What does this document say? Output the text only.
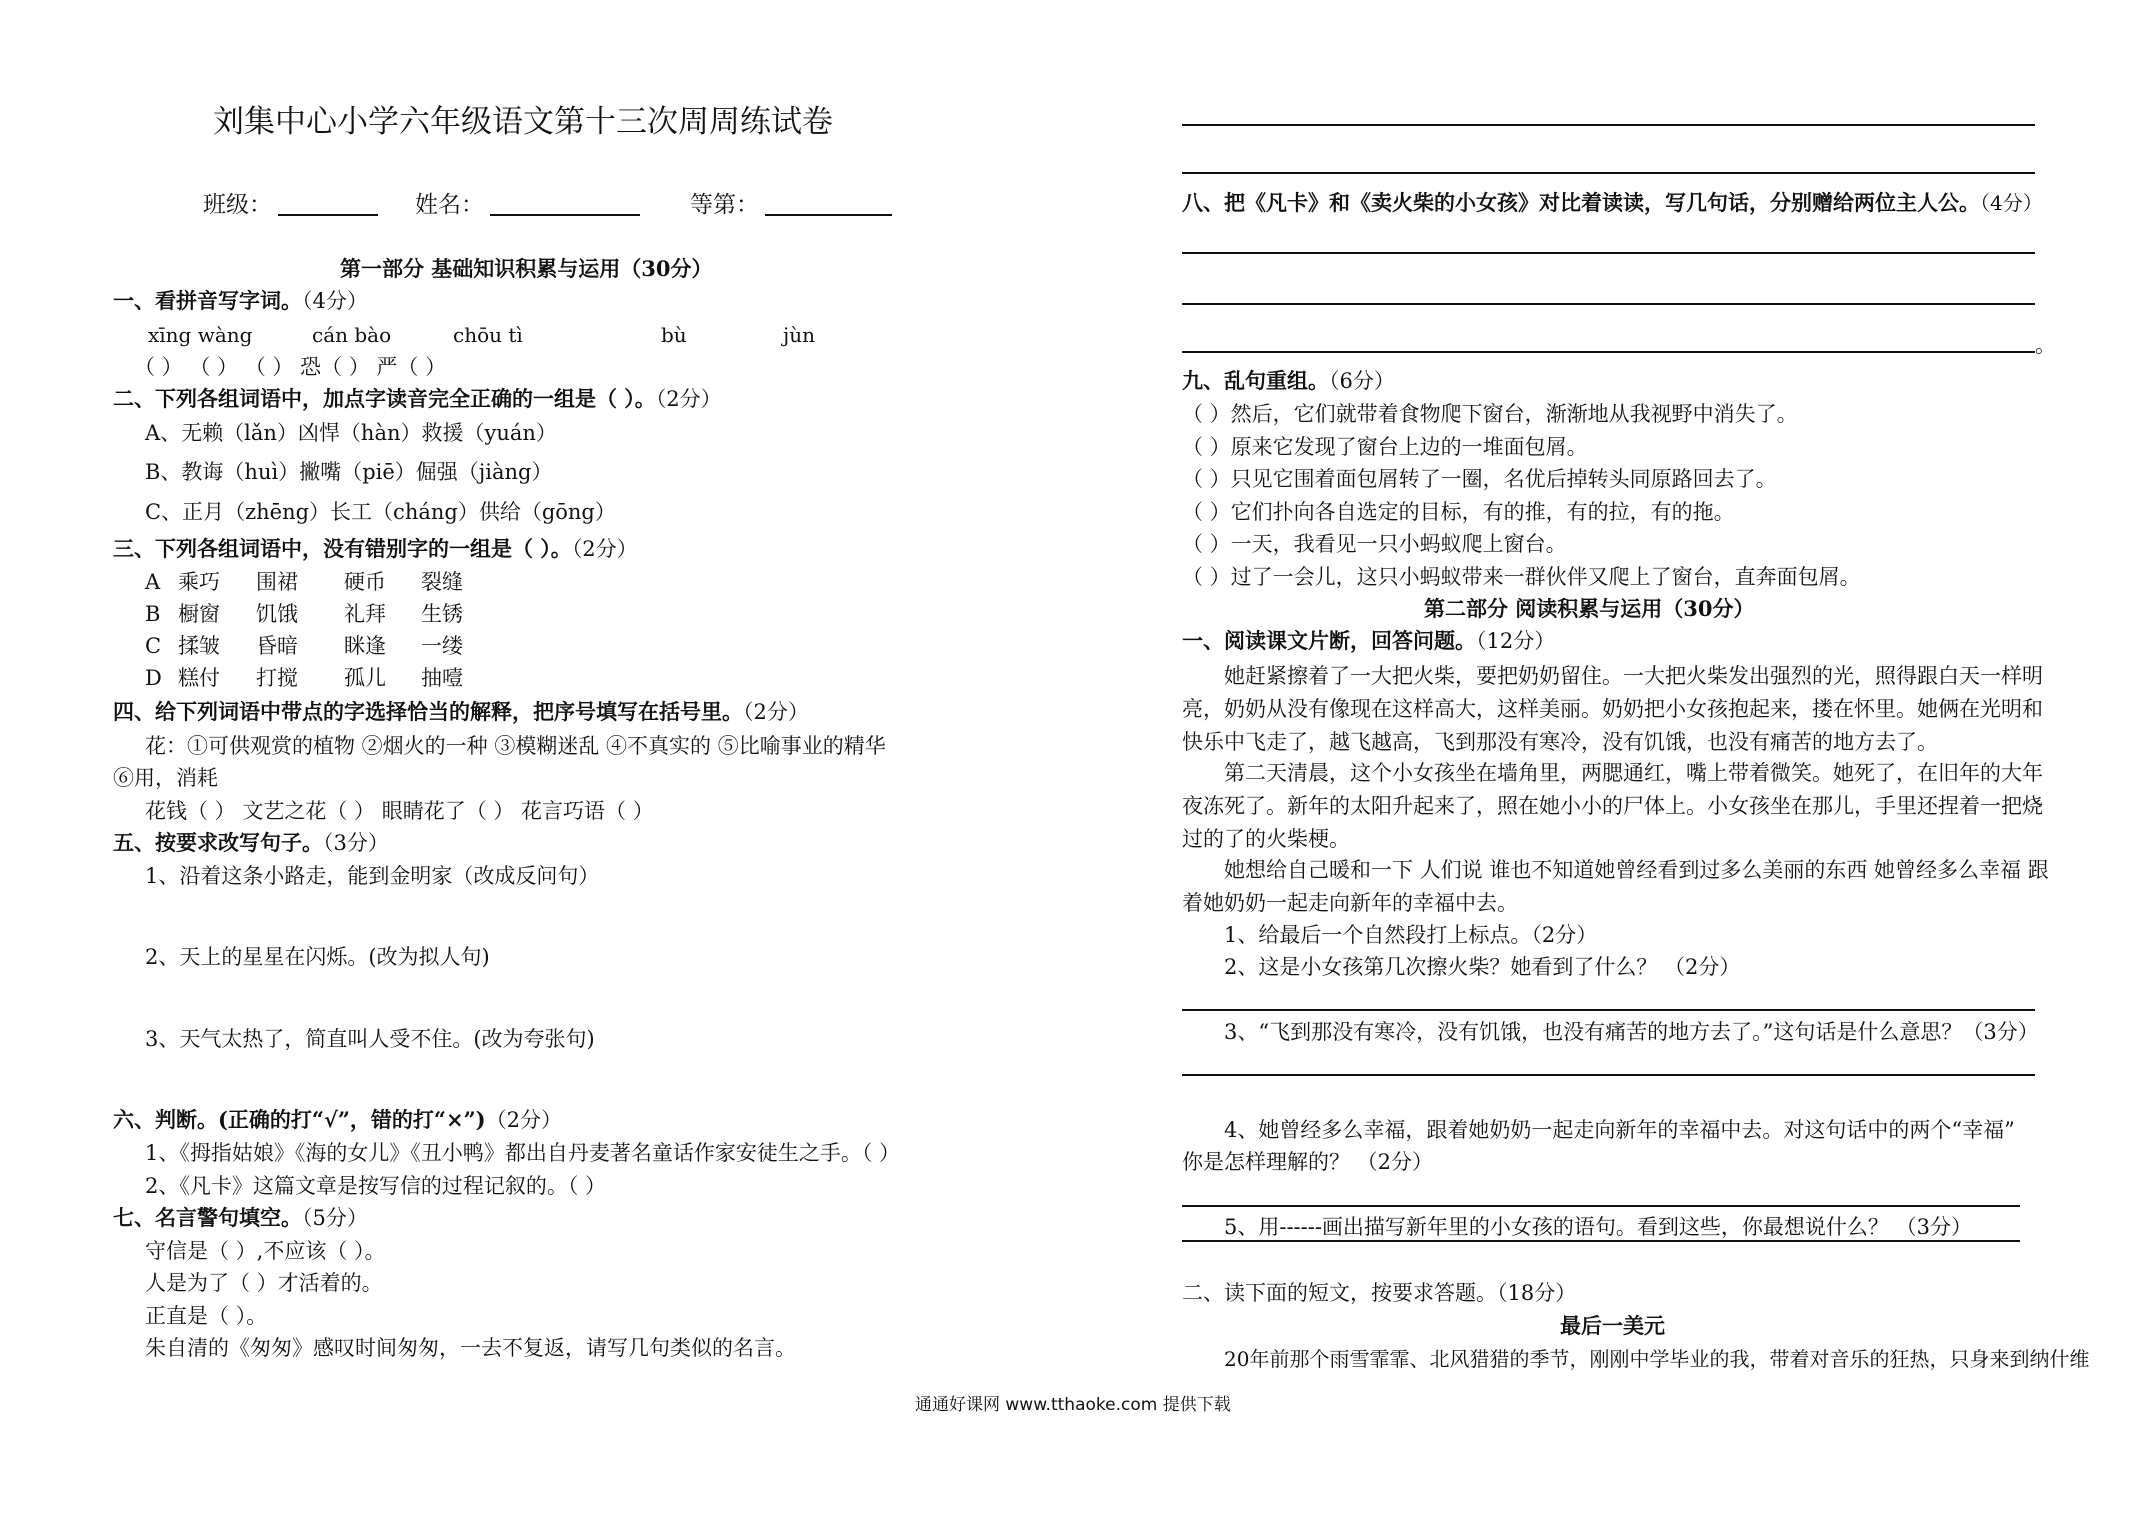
刘集中心小学六年级语文第十三次周周练试卷
班级：	姓名：	等第：
第一部分 基础知识积累与运用（30分）
一、看拼音写字词。（4分）
xīng wàng	cán bào	chōu tì	bù	jùn
（ ） （ ） （ ） 恐（ ） 严（ ）
二、下列各组词语中，加点字读音完全正确的一组是（ ）。（2分）
A、无赖（lǎn）凶悍（hàn）救援（yuán）
B、教诲（huì）撇嘴（piē）倔强（jiàng）
C、正月（zhēng）长工（cháng）供给（gōng）
三、下列各组词语中，没有错别字的一组是（ ）。（2分）
A 乘巧 围裙 硬币 裂缝
B 橱窗 饥饿 礼拜 生锈
C 揉皱 昏暗 眯逢 一缕
D 糕付 打搅 孤儿 抽噎
四、给下列词语中带点的字选择恰当的解释，把序号填写在括号里。（2分）
花：①可供观赏的植物 ②烟火的一种 ③模糊迷乱 ④不真实的 ⑤比喻事业的精华
⑥用，消耗
花钱（ ） 文艺之花（ ） 眼睛花了（ ） 花言巧语（ ）
五、按要求改写句子。（3分）
1、沿着这条小路走，能到金明家（改成反问句）
2、天上的星星在闪烁。(改为拟人句)
3、天气太热了，简直叫人受不住。(改为夸张句)
六、判断。(正确的打“√”，错的打“×”)（2分）
1、《拇指姑娘》《海的女儿》《丑小鸭》都出自丹麦著名童话作家安徒生之手。（ ）
2、《凡卡》这篇文章是按写信的过程记叙的。（ ）
七、名言警句填空。（5分）
守信是（ ）,不应该（ ）。
人是为了（ ）才活着的。
正直是（ ）。
朱自清的《匆匆》感叹时间匆匆，一去不复返，请写几句类似的名言。
八、把《凡卡》和《卖火柴的小女孩》对比着读读，写几句话，分别赠给两位主人公。（4分）
。
九、乱句重组。（6分）
（ ）然后，它们就带着食物爬下窗台，渐渐地从我视野中消失了。
（ ）原来它发现了窗台上边的一堆面包屑。
（ ）只见它围着面包屑转了一圈，名优后掉转头同原路回去了。
（ ）它们扑向各自选定的目标，有的推，有的拉，有的拖。
（ ）一天，我看见一只小蚂蚁爬上窗台。
（ ）过了一会儿，这只小蚂蚁带来一群伙伴又爬上了窗台，直奔面包屑。
第二部分 阅读积累与运用（30分）
一、阅读课文片断，回答问题。（12分）
她赶紧擦着了一大把火柴，要把奶奶留住。一大把火柴发出强烈的光，照得跟白天一样明亮，奶奶从没有像现在这样高大，这样美丽。奶奶把小女孩抱起来，搂在怀里。她俩在光明和快乐中飞走了，越飞越高，飞到那没有寒冷，没有饥饿，也没有痛苦的地方去了。
第二天清晨，这个小女孩坐在墙角里，两腮通红，嘴上带着微笑。她死了，在旧年的大年夜冻死了。新年的太阳升起来了，照在她小小的尸体上。小女孩坐在那儿，手里还捏着一把烧过的了的火柴梗。
她想给自己暖和一下 人们说 谁也不知道她曾经看到过多么美丽的东西 她曾经多么幸福 跟着她奶奶一起走向新年的幸福中去。
1、给最后一个自然段打上标点。（2分）
2、这是小女孩第几次擦火柴？她看到了什么？ （2分）
3、“飞到那没有寒冷，没有饥饿，也没有痛苦的地方去了。”这句话是什么意思？（3分）
4、她曾经多么幸福，跟着她奶奶一起走向新年的幸福中去。对这句话中的两个“幸福”
你是怎样理解的？ （2分）
5、用------画出描写新年里的小女孩的语句。看到这些，你最想说什么？ （3分）
二、读下面的短文，按要求答题。（18分）
最后一美元
20年前那个雨雪霏霏、北风猎猎的季节，刚刚中学毕业的我，带着对音乐的狂热，只身来到纳什维
通通好课网 www.tthaoke.com 提供下载
